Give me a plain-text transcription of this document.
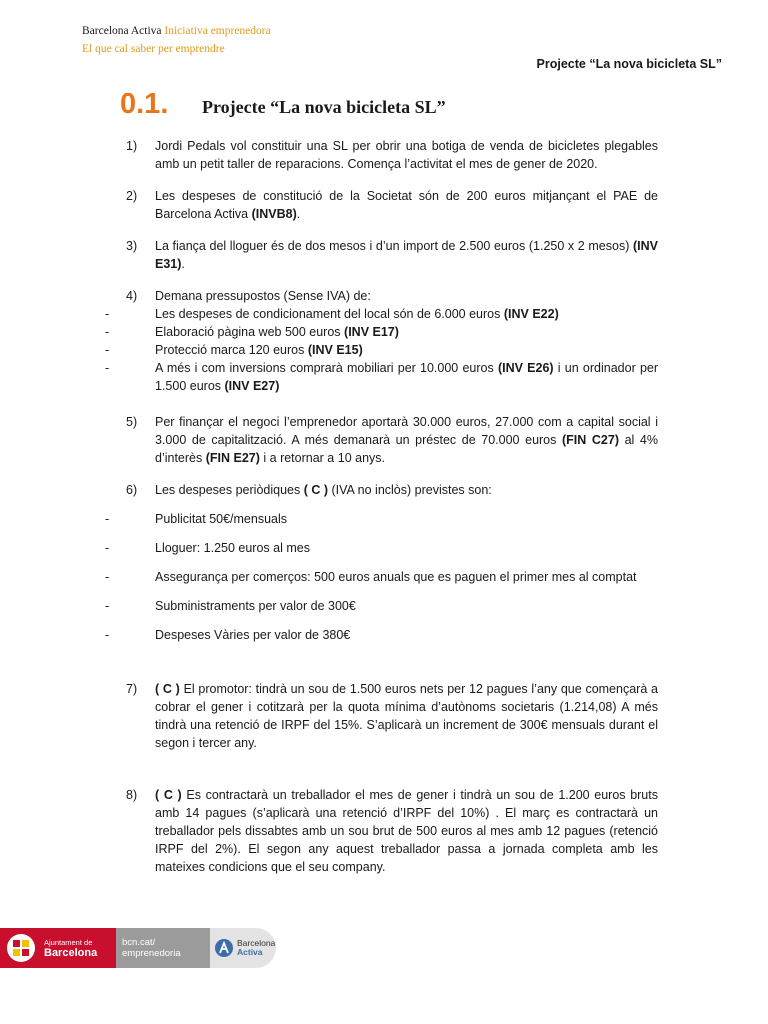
Barcelona Activa Iniciativa emprenedora
El que cal saber per emprendre
Projecte “La nova bicicleta SL”
0.1.	Projecte “La nova bicicleta SL”
1)	Jordi Pedals vol constituir una SL per obrir una botiga de venda de bicicletes plegables amb un petit taller de reparacions. Comença l’activitat el mes de gener de 2020.
2)	Les despeses de constitució de la Societat són de 200 euros mitjançant el PAE de Barcelona Activa (INVB8).
3)	La fiança del lloguer és de dos mesos i d’un import de 2.500 euros (1.250 x 2 mesos) (INV E31).
4)	Demana pressupostos (Sense IVA) de:
-	Les despeses de condicionament del local són de 6.000 euros (INV E22)
-	Elaboració pàgina web 500 euros (INV E17)
-	Protecció marca 120 euros (INV E15)
-	A més i com inversions comprarà mobiliari per 10.000 euros (INV E26) i un ordinador per 1.500 euros (INV E27)
5)	Per finançar el negoci l’emprenedor aportarà 30.000 euros, 27.000 com a capital social i 3.000 de capitalització. A més demanarà un préstec de 70.000 euros (FIN C27) al 4% d’interès (FIN E27) i a retornar a 10 anys.
6)	Les despeses periòdiques ( C ) (IVA no inclòs) previstes son:
-	Publicitat 50€/mensuals
-	Lloguer: 1.250 euros al mes
-	Assegurança per comerços: 500 euros anuals que es paguen el primer mes al comptat
-	Subministraments per valor de 300€
-	Despeses Vàries per valor de 380€
7)	( C ) El promotor: tindrà un sou de 1.500 euros nets per 12 pagues l’any que començarà a cobrar el gener i cotitzarà per la quota mínima d’autònoms societaris (1.214,08) A més tindrà una retenció de IRPF del 15%. S’aplicarà un increment de 300€ mensuals durant el segon i tercer any.
8)	( C ) Es contractarà un treballador el mes de gener i tindrà un sou de 1.200 euros bruts amb 14 pagues (s’aplicarà una retenció d’IRPF del 10%) . El març es contractarà un treballador pels dissabtes amb un sou brut de 500 euros al mes amb 12 pagues (retenció IRPF del 2%). El segon any aquest treballador passa a jornada completa amb les mateixes condicions que el seu company.
Ajuntament de
Barcelona
bcn.cat/
emprenedoria
Barcelona
Activa
